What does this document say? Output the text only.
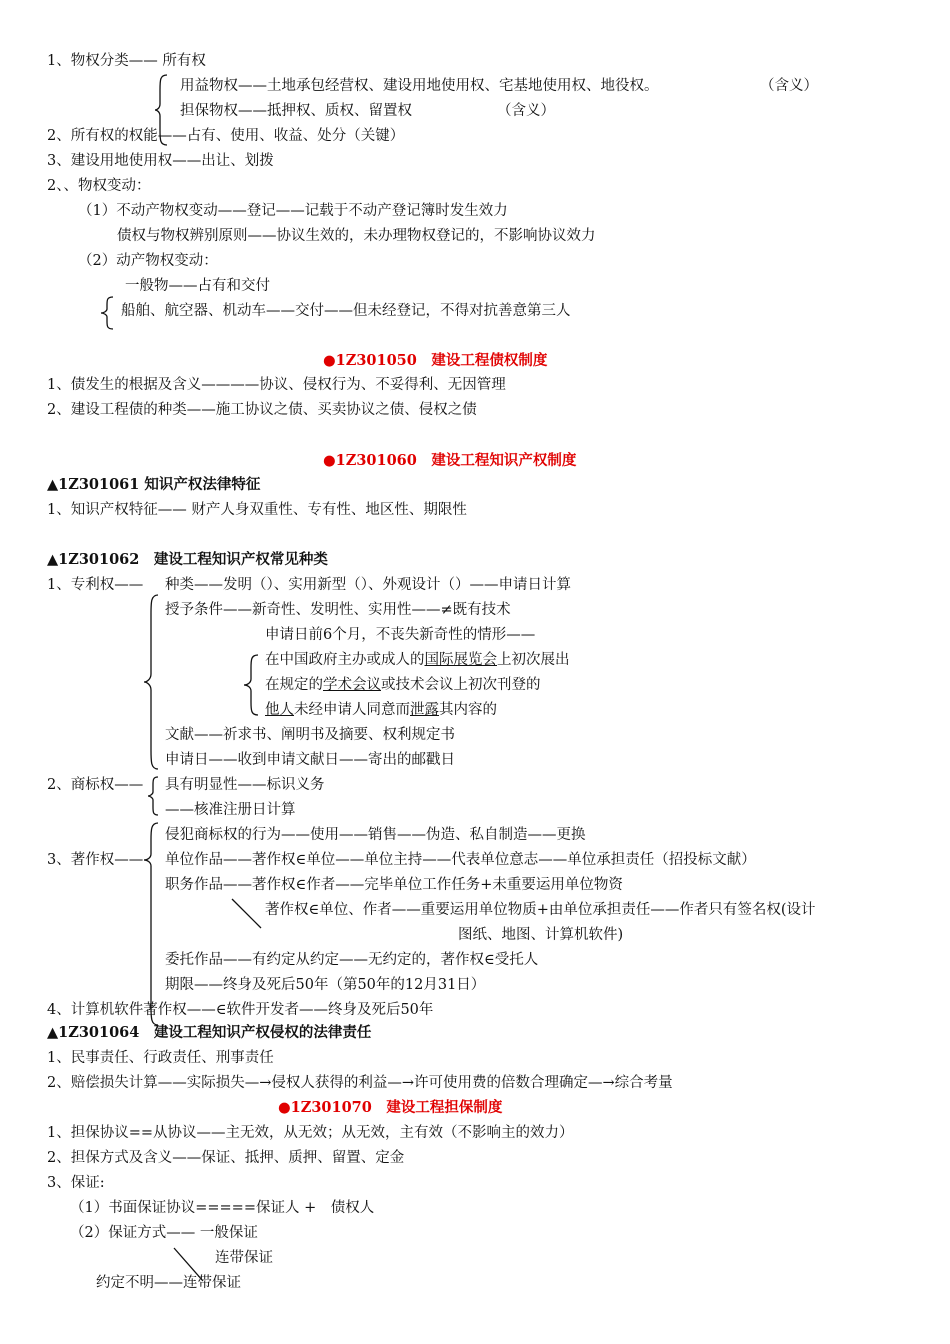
1、物权分类—— 所有权
用益物权——土地承包经营权、建设用地使用权、宅基地使用权、地役权。	（含义）
担保物权——抵押权、质权、留置权	（含义）
2、所有权的权能——占有、使用、收益、处分（关键）
3、建设用地使用权——出让、划拨
2、、物权变动：
（1）不动产物权变动——登记——记载于不动产登记簿时发生效力
债权与物权辨别原则——协议生效的，未办理物权登记的，不影响协议效力
（2）动产物权变动：
一般物——占有和交付
船舶、航空器、机动车——交付——但未经登记，不得对抗善意第三人
●1Z301050　建设工程债权制度
1、债发生的根据及含义————协议、侵权行为、不妥得利、无因管理
2、建设工程债的种类——施工协议之债、买卖协议之债、侵权之债
●1Z301060　建设工程知识产权制度
▲1Z301061 知识产权法律特征
1、知识产权特征—— 财产人身双重性、专有性、地区性、期限性
▲1Z301062　建设工程知识产权常见种类
1、专利权—— 种类——发明（）、实用新型（）、外观设计（）——申请日计算
授予条件——新奇性、发明性、实用性——≠既有技术
申请日前6个月，不丧失新奇性的情形——
在中国政府主办或成人的国际展览会上初次展出
在规定的学术会议或技术会议上初次刊登的
他人未经申请人同意而泄露其内容的
文献——祈求书、阐明书及摘要、权利规定书
申请日——收到申请文献日——寄出的邮戳日
2、商标权—— 具有明显性——标识义务
——核准注册日计算
侵犯商标权的行为——使用——销售——伪造、私自制造——更换
3、著作权—— 单位作品——著作权∈单位——单位主持——代表单位意志——单位承担责任（招投标文献）
职务作品——著作权∈作者——完毕单位工作任务+未重要运用单位物资
著作权∈单位、作者——重要运用单位物质+由单位承担责任——作者只有签名权(设计
图纸、地图、计算机软件)
委托作品——有约定从约定——无约定的，著作权∈受托人
期限——终身及死后50年（第50年的12月31日）
4、计算机软件著作权——∈软件开发者——终身及死后50年
▲1Z301064　建设工程知识产权侵权的法律责任
1、民事责任、行政责任、刑事责任
2、赔偿损失计算——实际损失—→侵权人获得的利益—→许可使用费的倍数合理确定—→综合考量
●1Z301070　建设工程担保制度
1、担保协议==从协议——主无效，从无效；从无效，主有效（不影响主的效力）
2、担保方式及含义——保证、抵押、质押、留置、定金
3、保证:
（1）书面保证协议=====保证人 +　债权人
（2）保证方式—— 一般保证
连带保证
约定不明——连带保证
